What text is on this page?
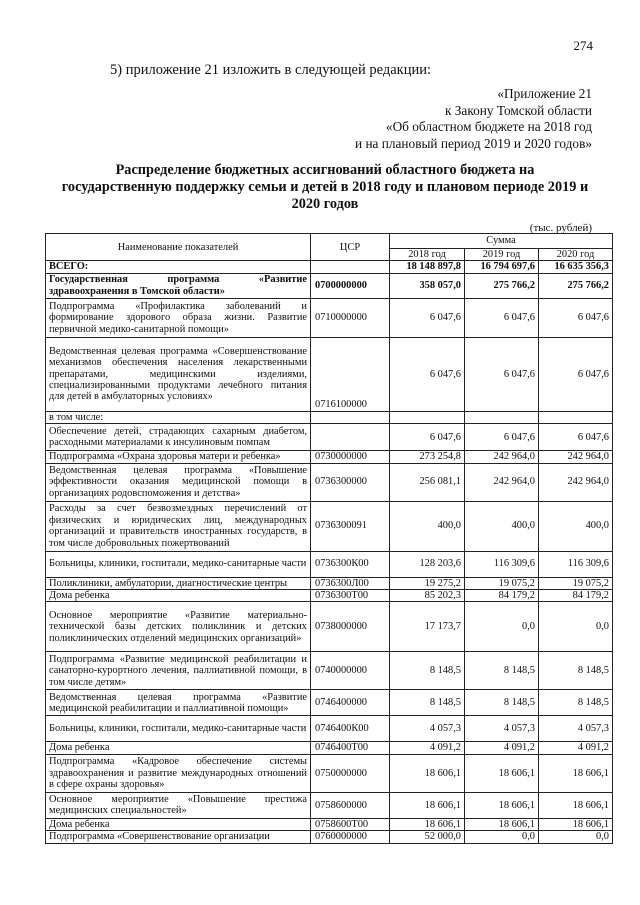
274
5) приложение 21 изложить в следующей редакции:
«Приложение 21
к Закону Томской области
«Об областном бюджете на 2018 год
и на плановый период 2019 и 2020 годов»
Распределение бюджетных ассигнований областного бюджета на государственную поддержку семьи и детей в 2018 году и плановом периоде 2019 и 2020 годов
(тыс. рублей)
Наименование показателей	ЦСР	Сумма		
		2018 год	2019 год	2020 год
ВСЕГО:		18 148 897,8	16 794 697,6	16 635 356,3
Государственная программа «Развитие здравоохранения в Томской области»	0700000000	358 057,0	275 766,2	275 766,2
Подпрограмма «Профилактика заболеваний и формирование здорового образа жизни. Развитие первичной медико-санитарной помощи»	0710000000	6 047,6	6 047,6	6 047,6
Ведомственная целевая программа «Совершенствование механизмов обеспечения населения лекарственными препаратами, медицинскими изделиями, специализированными продуктами лечебного питания для детей в амбулаторных условиях»	0716100000	6 047,6	6 047,6	6 047,6
в том числе:				
Обеспечение детей, страдающих сахарным диабетом, расходными материалами к инсулиновым помпам		6 047,6	6 047,6	6 047,6
Подпрограмма «Охрана здоровья матери и ребенка»	0730000000	273 254,8	242 964,0	242 964,0
Ведомственная целевая программа «Повышение эффективности оказания медицинской помощи в организациях родовспоможения и детства»	0736300000	256 081,1	242 964,0	242 964,0
Расходы за счет безвозмездных перечислений от физических и юридических лиц, международных организаций и правительств иностранных государств, в том числе добровольных пожертвований	0736300091	400,0	400,0	400,0
Больницы, клиники, госпитали, медико-санитарные части	0736300К00	128 203,6	116 309,6	116 309,6
Поликлиники, амбулатории, диагностические центры	0736300Л00	19 275,2	19 075,2	19 075,2
Дома ребенка	0736300Т00	85 202,3	84 179,2	84 179,2
Основное мероприятие «Развитие материально-технической базы детских поликлиник и детских поликлинических отделений медицинских организаций»	0738000000	17 173,7	0,0	0,0
Подпрограмма «Развитие медицинской реабилитации и санаторно-курортного лечения, паллиативной помощи, в том числе детям»	0740000000	8 148,5	8 148,5	8 148,5
Ведомственная целевая программа «Развитие медицинской реабилитации и паллиативной помощи»	0746400000	8 148,5	8 148,5	8 148,5
Больницы, клиники, госпитали, медико-санитарные части	0746400К00	4 057,3	4 057,3	4 057,3
Дома ребенка	0746400Т00	4 091,2	4 091,2	4 091,2
Подпрограмма «Кадровое обеспечение системы здравоохранения и развитие международных отношений в сфере охраны здоровья»	0750000000	18 606,1	18 606,1	18 606,1
Основное мероприятие «Повышение престижа медицинских специальностей»	0758600000	18 606,1	18 606,1	18 606,1
Дома ребенка	0758600Т00	18 606,1	18 606,1	18 606,1
Подпрограмма «Совершенствование организации	0760000000	52 000,0	0,0	0,0
